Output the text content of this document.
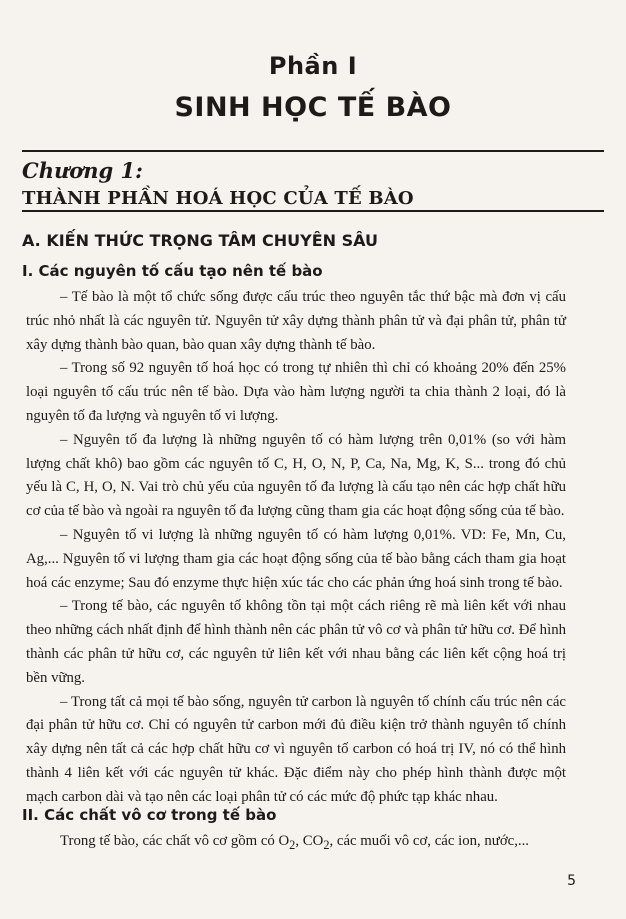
Phần I
SINH HỌC TẾ BÀO
Chương 1:
THÀNH PHẦN HOÁ HỌC CỦA TẾ BÀO
A. KIẾN THỨC TRỌNG TÂM CHUYÊN SÂU
I. Các nguyên tố cấu tạo nên tế bào

– Tế bào là một tổ chức sống được cấu trúc theo nguyên tắc thứ bậc mà đơn vị cấu trúc nhỏ nhất là các nguyên tử. Nguyên tử xây dựng thành phân tử và đại phân tử, phân tử xây dựng thành bào quan, bào quan xây dựng thành tế bào.

– Trong số 92 nguyên tố hoá học có trong tự nhiên thì chỉ có khoảng 20% đến 25% loại nguyên tố cấu trúc nên tế bào. Dựa vào hàm lượng người ta chia thành 2 loại, đó là nguyên tố đa lượng và nguyên tố vi lượng.

– Nguyên tố đa lượng là những nguyên tố có hàm lượng trên 0,01% (so với hàm lượng chất khô) bao gồm các nguyên tố C, H, O, N, P, Ca, Na, Mg, K, S... trong đó chủ yếu là C, H, O, N. Vai trò chủ yếu của nguyên tố đa lượng là cấu tạo nên các hợp chất hữu cơ của tế bào và ngoài ra nguyên tố đa lượng cũng tham gia các hoạt động sống của tế bào.

– Nguyên tố vi lượng là những nguyên tố có hàm lượng 0,01%. VD: Fe, Mn, Cu, Ag,... Nguyên tố vi lượng tham gia các hoạt động sống của tế bào bằng cách tham gia hoạt hoá các enzyme; Sau đó enzyme thực hiện xúc tác cho các phản ứng hoá sinh trong tế bào.

– Trong tế bào, các nguyên tố không tồn tại một cách riêng rẽ mà liên kết với nhau theo những cách nhất định để hình thành nên các phân tử vô cơ và phân tử hữu cơ. Để hình thành các phân tử hữu cơ, các nguyên tử liên kết với nhau bằng các liên kết cộng hoá trị bền vững.

– Trong tất cả mọi tế bào sống, nguyên tử carbon là nguyên tố chính cấu trúc nên các đại phân tử hữu cơ. Chỉ có nguyên tử carbon mới đủ điều kiện trở thành nguyên tố chính xây dựng nên tất cả các hợp chất hữu cơ vì nguyên tố carbon có hoá trị IV, nó có thể hình thành 4 liên kết với các nguyên tử khác. Đặc điểm này cho phép hình thành được một mạch carbon dài và tạo nên các loại phân tử có các mức độ phức tạp khác nhau.

II. Các chất vô cơ trong tế bào

Trong tế bào, các chất vô cơ gồm có $O_2$, $CO_2$, các muối vô cơ, các ion, nước,...

5
